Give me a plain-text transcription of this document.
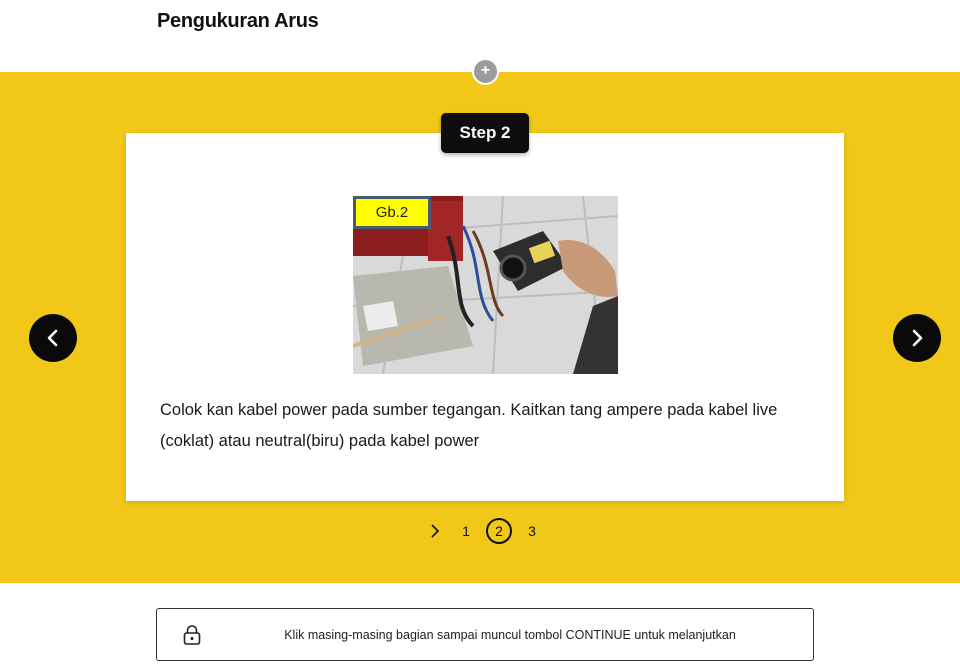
Pengukuran Arus
+
Gb.2
Colok kan kabel power pada sumber tegangan. Kaitkan tang ampere pada kabel live (coklat) atau neutral(biru) pada kabel power
Step 2
1	2	3
Klik masing-masing bagian sampai muncul tombol CONTINUE untuk melanjutkan
